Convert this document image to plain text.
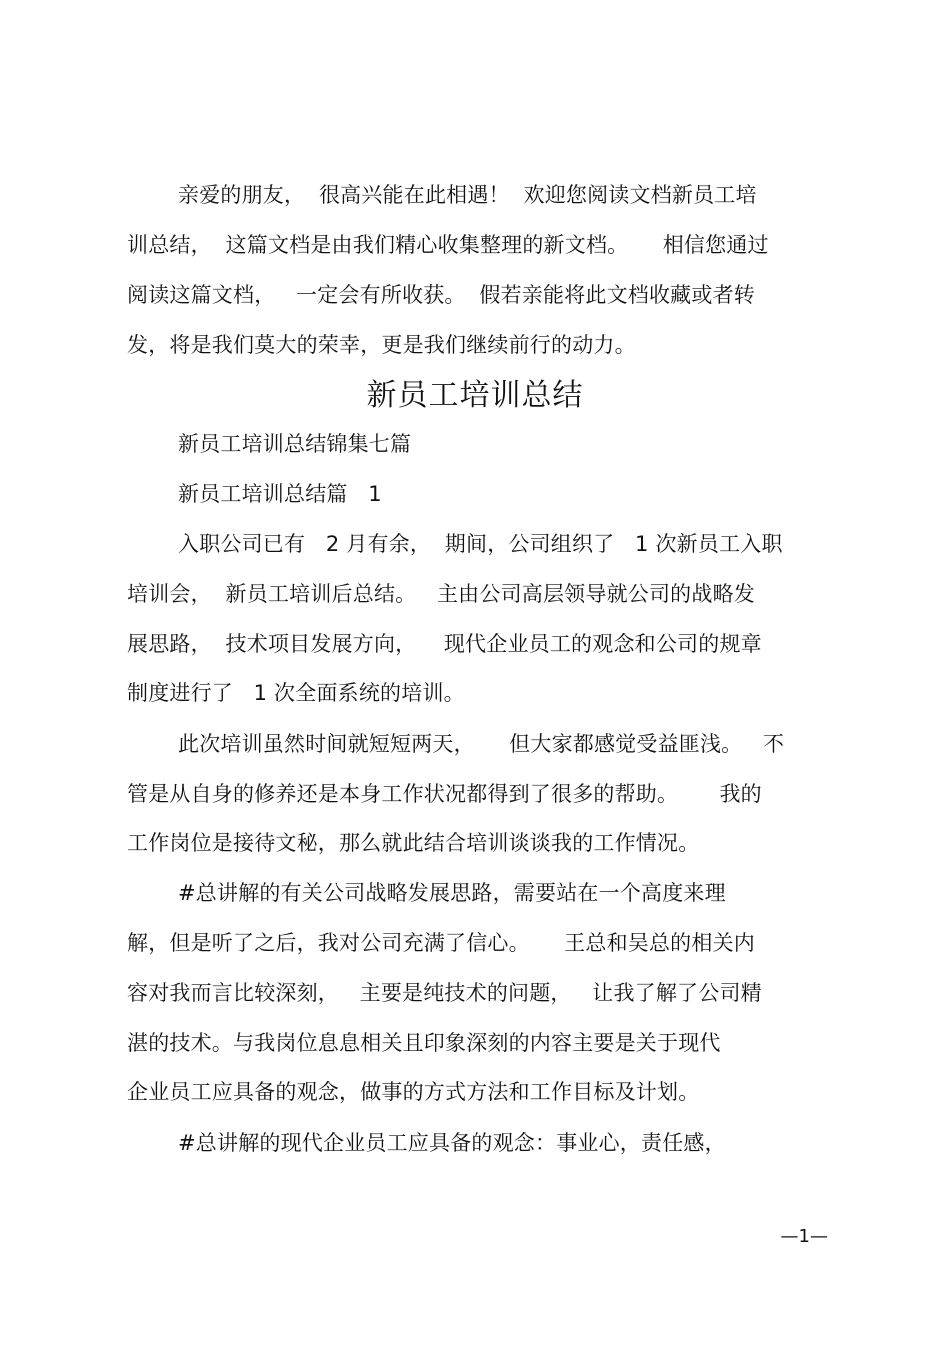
亲爱的朋友，  很高兴能在此相遇！  欢迎您阅读文档新员工培
训总结，  这篇文档是由我们精心收集整理的新文档。     相信您通过
阅读这篇文档，   一定会有所收获。  假若亲能将此文档收藏或者转
发，将是我们莫大的荣幸，更是我们继续前行的动力。
新员工培训总结
新员工培训总结锦集七篇
新员工培训总结篇   1
入职公司已有   2 月有余，  期间，公司组织了   1 次新员工入职
培训会，  新员工培训后总结。   主由公司高层领导就公司的战略发
展思路，  技术项目发展方向，    现代企业员工的观念和公司的规章
制度进行了   1 次全面系统的培训。
此次培训虽然时间就短短两天，     但大家都感觉受益匪浅。   不
管是从自身的修养还是本身工作状况都得到了很多的帮助。      我的
工作岗位是接待文秘，那么就此结合培训谈谈我的工作情况。
#总讲解的有关公司战略发展思路，需要站在一个高度来理
解，但是听了之后，我对公司充满了信心。     王总和吴总的相关内
容对我而言比较深刻，   主要是纯技术的问题，   让我了解了公司精
湛的技术。与我岗位息息相关且印象深刻的内容主要是关于现代
企业员工应具备的观念，做事的方式方法和工作目标及计划。
#总讲解的现代企业员工应具备的观念：事业心，责任感，
—1—
